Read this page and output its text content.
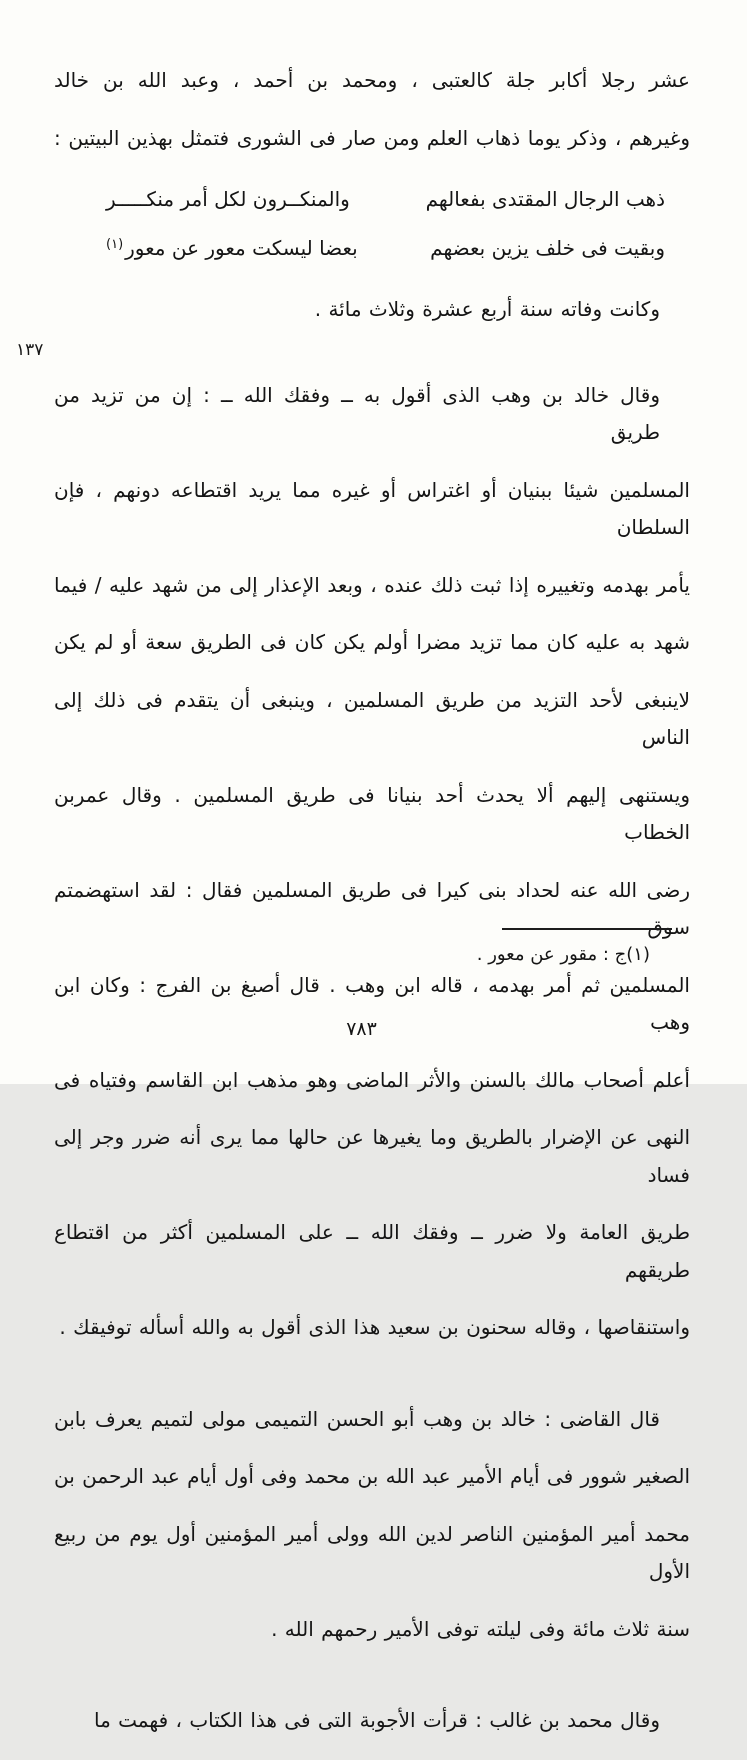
١٣٧

عشر رجلا أكابر جلة كالعتبى ، ومحمد بن أحمد ، وعبد الله بن خالد

وغيرهم ، وذكر يوما ذهاب العلم ومن صار فى الشورى فتمثل بهذين البيتين :

ذهب الرجال المقتدى بفعالهم
والمنكــرون لكل أمر منكـــــر
وبقيت فى خلف يزين بعضهم
بعضا ليسكت معور عن معور$^{(١)}$

وكانت وفاته سنة أربع عشرة وثلاث مائة .

وقال خالد بن وهب الذى أقول به ــ وفقك الله ــ : إن من تزيد من طريق

المسلمين شيئا ببنيان أو اغتراس أو غيره مما يريد اقتطاعه دونهم ، فإن السلطان

يأمر بهدمه وتغييره إذا ثبت ذلك عنده ، وبعد الإعذار إلى من شهد عليه / فيما

شهد به عليه كان مما تزيد مضرا أولم يكن كان فى الطريق سعة أو لم يكن

لاينبغى لأحد التزيد من طريق المسلمين ، وينبغى أن يتقدم فى ذلك إلى الناس

ويستنهى إليهم ألا يحدث أحد بنيانا فى طريق المسلمين . وقال عمربن الخطاب

رضى الله عنه لحداد بنى كيرا فى طريق المسلمين فقال : لقد استهضمتم سوق

المسلمين ثم أمر بهدمه ، قاله ابن وهب . قال أصبغ بن الفرج : وكان ابن وهب

أعلم أصحاب مالك بالسنن والأثر الماضى وهو مذهب ابن القاسم وفتياه فى

النهى عن الإضرار بالطريق وما يغيرها عن حالها مما يرى أنه ضرر وجر إلى فساد

طريق العامة ولا ضرر ــ وفقك الله ــ على المسلمين أكثر من اقتطاع طريقهم

واستنقاصها ، وقاله سحنون بن سعيد هذا الذى أقول به والله أسأله توفيقك .

قال القاضى : خالد بن وهب أبو الحسن التميمى مولى لتميم يعرف بابن

الصغير شوور فى أيام الأمير عبد الله بن محمد وفى أول أيام عبد الرحمن بن

محمد أمير المؤمنين الناصر لدين الله وولى أمير المؤمنين أول يوم من ربيع الأول

سنة ثلاث مائة وفى ليلته توفى الأمير رحمهم الله .

وقال محمد بن غالب : قرأت الأجوبة التى فى هذا الكتاب ، فهمت ما

(١)ج : مقور عن معور .
٧٨٣
